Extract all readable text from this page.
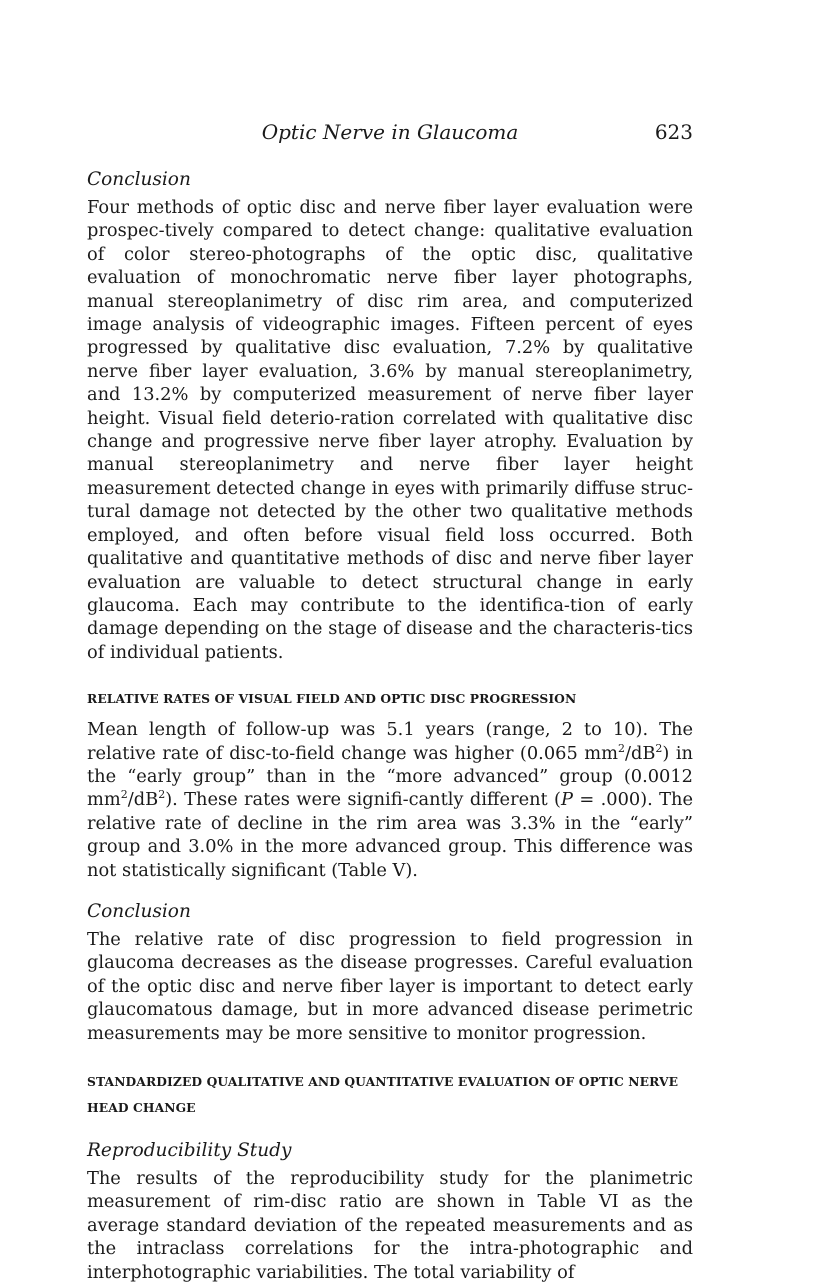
Optic Nerve in Glaucoma	623
Conclusion

Four methods of optic disc and nerve fiber layer evaluation were prospec-tively compared to detect change: qualitative evaluation of color stereo-photographs of the optic disc, qualitative evaluation of monochromatic nerve fiber layer photographs, manual stereoplanimetry of disc rim area, and computerized image analysis of videographic images. Fifteen percent of eyes progressed by qualitative disc evaluation, 7.2% by qualitative nerve fiber layer evaluation, 3.6% by manual stereoplanimetry, and 13.2% by computerized measurement of nerve fiber layer height. Visual field deterio-ration correlated with qualitative disc change and progressive nerve fiber layer atrophy. Evaluation by manual stereoplanimetry and nerve fiber layer height measurement detected change in eyes with primarily diffuse struc-tural damage not detected by the other two qualitative methods employed, and often before visual field loss occurred. Both qualitative and quantitative methods of disc and nerve fiber layer evaluation are valuable to detect structural change in early glaucoma. Each may contribute to the identifica-tion of early damage depending on the stage of disease and the characteris-tics of individual patients.

RELATIVE RATES OF VISUAL FIELD AND OPTIC DISC PROGRESSION

Mean length of follow-up was 5.1 years (range, 2 to 10). The relative rate of disc-to-field change was higher (0.065 $mm^2/dB^2$) in the “early group” than in the “more advanced” group (0.0012 $mm^2/dB^2$). These rates were signifi-cantly different (P = .000). The relative rate of decline in the rim area was 3.3% in the “early” group and 3.0% in the more advanced group. This difference was not statistically significant (Table V).

Conclusion

The relative rate of disc progression to field progression in glaucoma decreases as the disease progresses. Careful evaluation of the optic disc and nerve fiber layer is important to detect early glaucomatous damage, but in more advanced disease perimetric measurements may be more sensitive to monitor progression.

STANDARDIZED QUALITATIVE AND QUANTITATIVE EVALUATION OF OPTIC NERVE HEAD CHANGE
Reproducibility Study

The results of the reproducibility study for the planimetric measurement of rim-disc ratio are shown in Table VI as the average standard deviation of the repeated measurements and as the intraclass correlations for the intra-photographic and interphotographic variabilities. The total variability of
